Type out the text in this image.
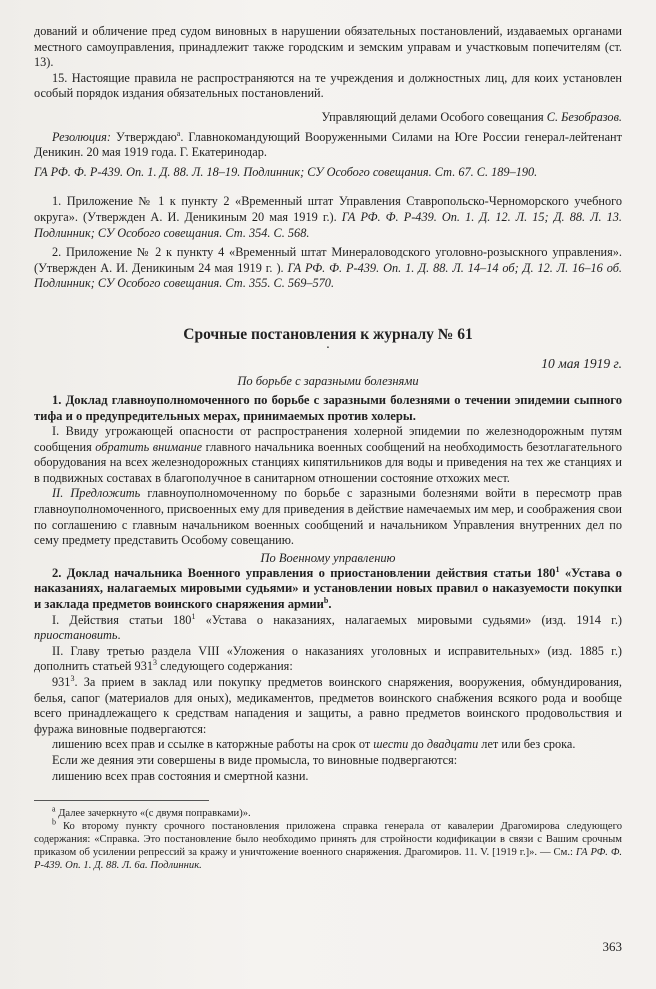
дований и обличение пред судом виновных в нарушении обязательных постановлений, издаваемых органами местного самоуправления, принадлежит также городским и земским управам и участковым попечителям (ст. 13).

15. Настоящие правила не распространяются на те учреждения и должностных лиц, для коих установлен особый порядок издания обязательных постановлений.

Управляющий делами Особого совещания С. Безобразов.

Резолюция: Утверждаю$^а$. Главнокомандующий Вооруженными Силами на Юге России генерал-лейтенант Деникин. 20 мая 1919 года. Г. Екатеринодар.

ГА РФ. Ф. Р-439. Оп. 1. Д. 88. Л. 18–19. Подлинник; СУ Особого совещания. Ст. 67. С. 189–190.

1. Приложение № 1 к пункту 2 «Временный штат Управления Ставропольско-Черноморского учебного округа». (Утвержден А. И. Деникиным 20 мая 1919 г.). ГА РФ. Ф. Р-439. Оп. 1. Д. 12. Л. 15; Д. 88. Л. 13. Подлинник; СУ Особого совещания. Ст. 354. С. 568.

2. Приложение № 2 к пункту 4 «Временный штат Минераловодского уголовно-розыскного управления». (Утвержден А. И. Деникиным 24 мая 1919 г. ). ГА РФ. Ф. Р-439. Оп. 1. Д. 88. Л. 14–14 об; Д. 12. Л. 16–16 об. Подлинник; СУ Особого совещания. Ст. 355. С. 569–570.

Срочные постановления к журналу № 61

·

10 мая 1919 г.

По борьбе с заразными болезнями

1. Доклад главноуполномоченного по борьбе с заразными болезнями о течении эпидемии сыпного тифа и о предупредительных мерах, принимаемых против холеры.

I. Ввиду угрожающей опасности от распространения холерной эпидемии по железнодорожным путям сообщения обратить внимание главного начальника военных сообщений на необходимость безотлагательного оборудования на всех железнодорожных станциях кипятильников для воды и приведения на тех же станциях и в подвижных составах в благополучное в санитарном отношении состояние отхожих мест.

II. Предложить главноуполномоченному по борьбе с заразными болезнями войти в пересмотр прав главноуполномоченного, присвоенных ему для приведения в действие намечаемых им мер, и соображения свои по соглашению с главным начальником военных сообщений и начальником Управления внутренних дел по сему предмету представить Особому совещанию.

По Военному управлению

2. Доклад начальника Военного управления о приостановлении действия статьи $180^1$ «Устава о наказаниях, налагаемых мировыми судьями» и установлении новых правил о наказуемости покупки и заклада предметов воинского снаряжения армии$^b$.

I. Действия статьи $180^1$ «Устава о наказаниях, налагаемых мировыми судьями» (изд. 1914 г.) приостановить.

II. Главу третью раздела VIII «Уложения о наказаниях уголовных и исправительных» (изд. 1885 г.) дополнить статьей $931^3$ следующего содержания:

$931^3$. За прием в заклад или покупку предметов воинского снаряжения, вооружения, обмундирования, белья, сапог (материалов для оных), медикаментов, предметов воинского снабжения всякого рода и вообще всего принадлежащего к средствам нападения и защиты, а равно предметов воинского продовольствия и фуража виновные подвергаются:

лишению всех прав и ссылке в каторжные работы на срок от шести до двадцати лет или без срока.

Если же деяния эти совершены в виде промысла, то виновные подвергаются:

лишению всех прав состояния и смертной казни.

$^а$ Далее зачеркнуто «(с двумя поправками)».

$^b$ Ко второму пункту срочного постановления приложена справка генерала от кавалерии Драгомирова следующего содержания: «Справка. Это постановление было необходимо принять для стройности кодификации в связи с Вашим срочным приказом об усилении репрессий за кражу и уничтожение военного снаряжения. Драгомиров. 11. V. [1919 г.]». — См.: ГА РФ. Ф. Р-439. Оп. 1. Д. 88. Л. 6а. Подлинник.

363
